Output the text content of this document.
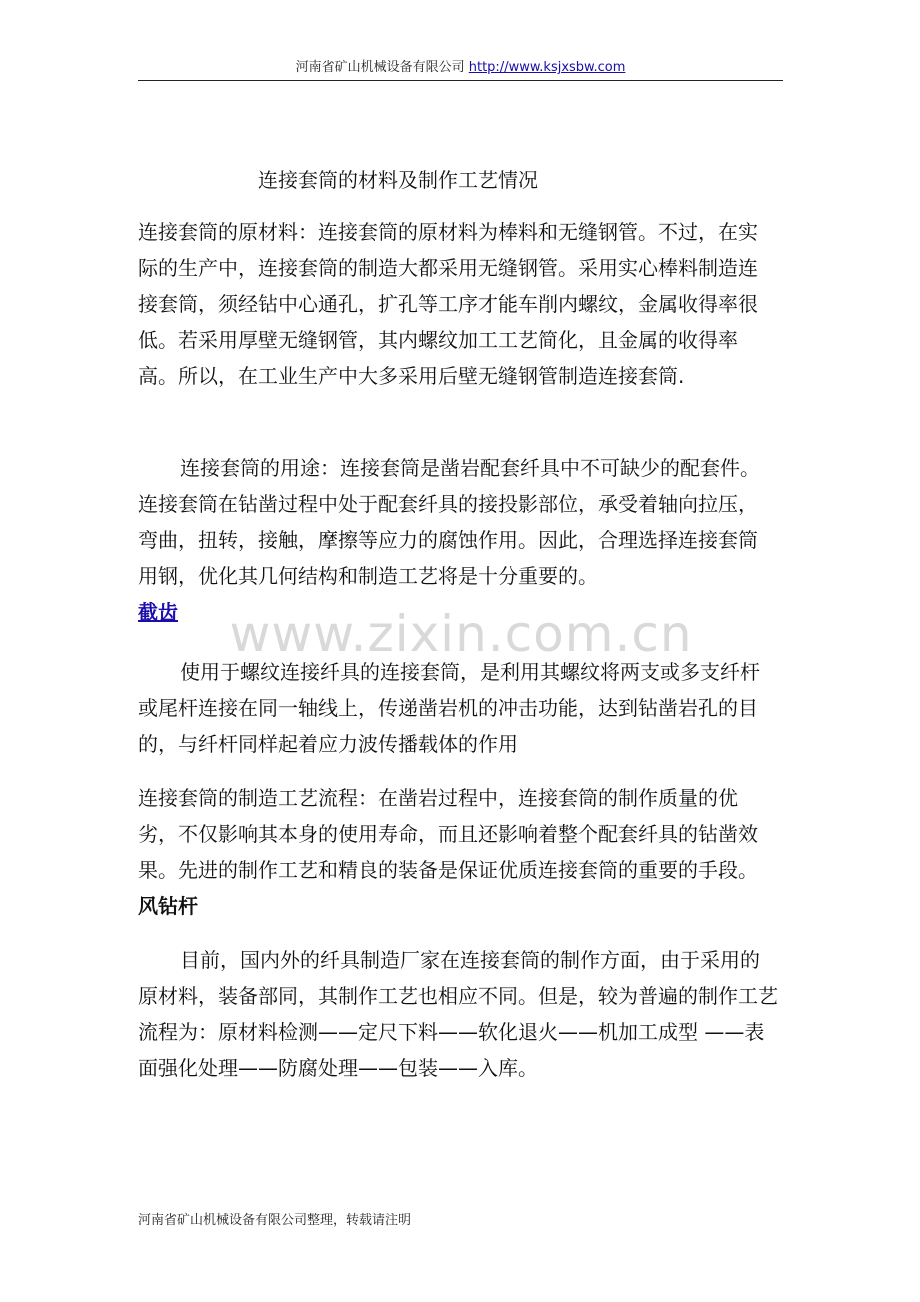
河南省矿山机械设备有限公司 http://www.ksjxsbw.com
连接套筒的材料及制作工艺情况

连接套筒的原材料：连接套筒的原材料为棒料和无缝钢管。不过，在实际的生产中，连接套筒的制造大都采用无缝钢管。采用实心棒料制造连接套筒，须经钻中心通孔，扩孔等工序才能车削内螺纹，金属收得率很低。若采用厚壁无缝钢管，其内螺纹加工工艺简化，且金属的收得率高。所以，在工业生产中大多采用后壁无缝钢管制造连接套筒.

连接套筒的用途：连接套筒是凿岩配套纤具中不可缺少的配套件。连接套筒在钻凿过程中处于配套纤具的接投影部位，承受着轴向拉压，弯曲，扭转，接触，摩擦等应力的腐蚀作用。因此，合理选择连接套筒用钢，优化其几何结构和制造工艺将是十分重要的。
截齿	www.zixin.com.cn

使用于螺纹连接纤具的连接套筒，是利用其螺纹将两支或多支纤杆或尾杆连接在同一轴线上，传递凿岩机的冲击功能，达到钻凿岩孔的目的，与纤杆同样起着应力波传播载体的作用

连接套筒的制造工艺流程：在凿岩过程中，连接套筒的制作质量的优劣，不仅影响其本身的使用寿命，而且还影响着整个配套纤具的钻凿效果。先进的制作工艺和精良的装备是保证优质连接套筒的重要的手段。风钻杆

目前，国内外的纤具制造厂家在连接套筒的制作方面，由于采用的原材料，装备部同，其制作工艺也相应不同。但是，较为普遍的制作工艺流程为：原材料检测——定尺下料——软化退火——机加工成型 ——表面强化处理——防腐处理——包装——入库。

河南省矿山机械设备有限公司整理，转载请注明
